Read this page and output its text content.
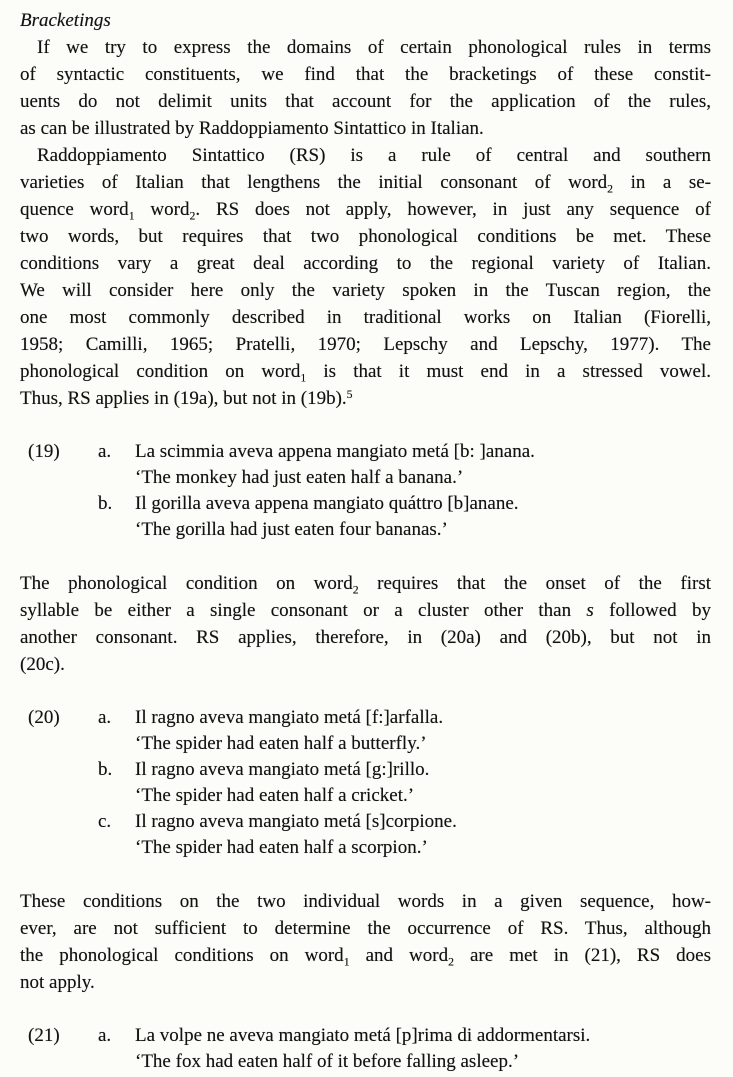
Bracketings
If we try to express the domains of certain phonological rules in terms
of syntactic constituents, we find that the bracketings of these constit-
uents do not delimit units that account for the application of the rules,
as can be illustrated by Raddoppiamento Sintattico in Italian.
Raddoppiamento Sintattico (RS) is a rule of central and southern
varieties of Italian that lengthens the initial consonant of word$_2$ in a se-
quence word$_1$ word$_2$. RS does not apply, however, in just any sequence of
two words, but requires that two phonological conditions be met. These
conditions vary a great deal according to the regional variety of Italian.
We will consider here only the variety spoken in the Tuscan region, the
one most commonly described in traditional works on Italian (Fiorelli,
1958; Camilli, 1965; Pratelli, 1970; Lepschy and Lepschy, 1977). The
phonological condition on word$_1$ is that it must end in a stressed vowel.
Thus, RS applies in (19a), but not in (19b).$^5$
(19)	a.	La scimmia aveva appena mangiato metá [b: ]anana.
‘The monkey had just eaten half a banana.’
b.	Il gorilla aveva appena mangiato quáttro [b]anane.
‘The gorilla had just eaten four bananas.’
The phonological condition on word$_2$ requires that the onset of the first
syllable be either a single consonant or a cluster other than s followed by
another consonant. RS applies, therefore, in (20a) and (20b), but not in
(20c).
(20)	a.	Il ragno aveva mangiato metá [f:]arfalla.
‘The spider had eaten half a butterfly.’
b.	Il ragno aveva mangiato metá [g:]rillo.
‘The spider had eaten half a cricket.’
c.	Il ragno aveva mangiato metá [s]corpione.
‘The spider had eaten half a scorpion.’
These conditions on the two individual words in a given sequence, how-
ever, are not sufficient to determine the occurrence of RS. Thus, although
the phonological conditions on word$_1$ and word$_2$ are met in (21), RS does
not apply.
(21)	a.	La volpe ne aveva mangiato metá [p]rima di addormentarsi.
‘The fox had eaten half of it before falling asleep.’
